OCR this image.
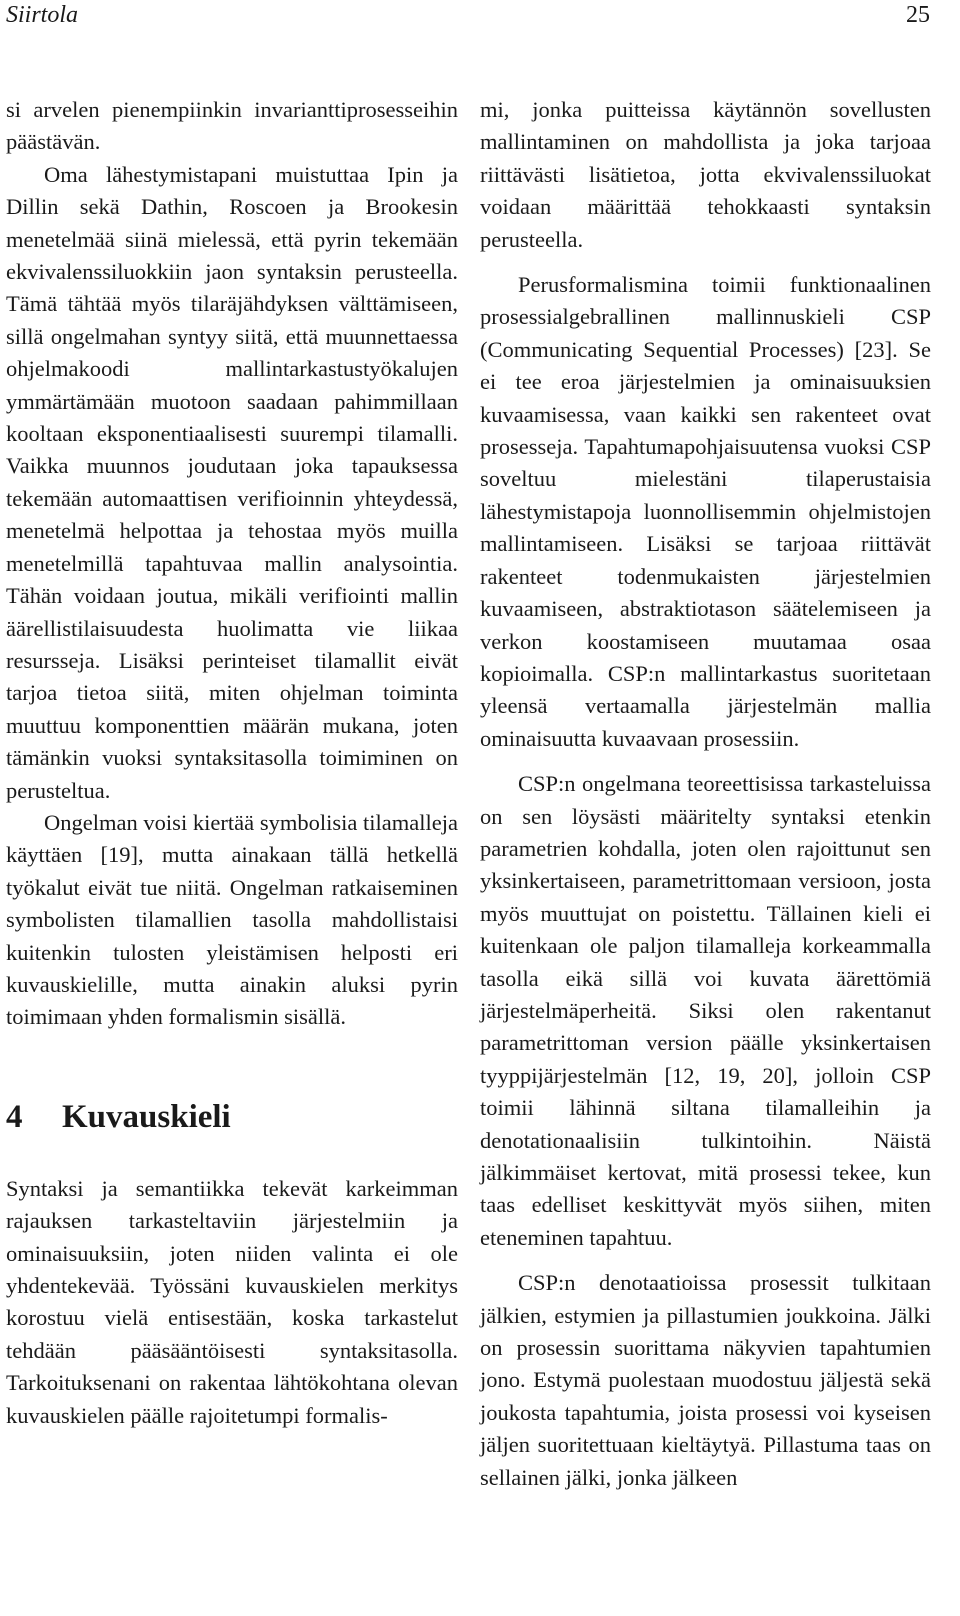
Siirtola	25

si arvelen pienempiinkin invarianttiprosesseihin päästävän.

Oma lähestymistapani muistuttaa Ipin ja Dillin sekä Dathin, Roscoen ja Brookesin menetelmää siinä mielessä, että pyrin tekemään ekvivalenssiluokkiin jaon syntaksin perusteella. Tämä tähtää myös tilaräjähdyksen välttämiseen, sillä ongelmahan syntyy siitä, että muunnettaessa ohjelmakoodi mallintarkastustyökalujen ymmärtämään muotoon saadaan pahimmillaan kooltaan eksponentiaalisesti suurempi tilamalli. Vaikka muunnos joudutaan joka tapauksessa tekemään automaattisen verifioinnin yhteydessä, menetelmä helpottaa ja tehostaa myös muilla menetelmillä tapahtuvaa mallin analysointia. Tähän voidaan joutua, mikäli verifiointi mallin äärellistilaisuudesta huolimatta vie liikaa resursseja. Lisäksi perinteiset tilamallit eivät tarjoa tietoa siitä, miten ohjelman toiminta muuttuu komponenttien määrän mukana, joten tämänkin vuoksi syntaksitasolla toimiminen on perusteltua.

Ongelman voisi kiertää symbolisia tilamalleja käyttäen [19], mutta ainakaan tällä hetkellä työkalut eivät tue niitä. Ongelman ratkaiseminen symbolisten tilamallien tasolla mahdollistaisi kuitenkin tulosten yleistämisen helposti eri kuvauskielille, mutta ainakin aluksi pyrin toimimaan yhden formalismin sisällä.

4 Kuvauskieli

Syntaksi ja semantiikka tekevät karkeimman rajauksen tarkasteltaviin järjestelmiin ja ominaisuuksiin, joten niiden valinta ei ole yhdentekevää. Työssäni kuvauskielen merkitys korostuu vielä entisestään, koska tarkastelut tehdään pääsääntöisesti syntaksitasolla. Tarkoituksenani on rakentaa lähtökohtana olevan kuvauskielen päälle rajoitetumpi formalis-

mi, jonka puitteissa käytännön sovellusten mallintaminen on mahdollista ja joka tarjoaa riittävästi lisätietoa, jotta ekvivalenssiluokat voidaan määrittää tehokkaasti syntaksin perusteella.

Perusformalismina toimii funktionaalinen prosessialgebrallinen mallinnuskieli CSP (Communicating Sequential Processes) [23]. Se ei tee eroa järjestelmien ja ominaisuuksien kuvaamisessa, vaan kaikki sen rakenteet ovat prosesseja. Tapahtumapohjaisuutensa vuoksi CSP soveltuu mielestäni tilaperustaisia lähestymistapoja luonnollisemmin ohjelmistojen mallintamiseen. Lisäksi se tarjoaa riittävät rakenteet todenmukaisten järjestelmien kuvaamiseen, abstraktiotason säätelemiseen ja verkon koostamiseen muutamaa osaa kopioimalla. CSP:n mallintarkastus suoritetaan yleensä vertaamalla järjestelmän mallia ominaisuutta kuvaavaan prosessiin.

CSP:n ongelmana teoreettisissa tarkasteluissa on sen löysästi määritelty syntaksi etenkin parametrien kohdalla, joten olen rajoittunut sen yksinkertaiseen, parametrittomaan versioon, josta myös muuttujat on poistettu. Tällainen kieli ei kuitenkaan ole paljon tilamalleja korkeammalla tasolla eikä sillä voi kuvata äärettömiä järjestelmäperheitä. Siksi olen rakentanut parametrittoman version päälle yksinkertaisen tyyppijärjestelmän [12, 19, 20], jolloin CSP toimii lähinnä siltana tilamalleihin ja denotationaalisiin tulkintoihin. Näistä jälkimmäiset kertovat, mitä prosessi tekee, kun taas edelliset keskittyvät myös siihen, miten eteneminen tapahtuu.

CSP:n denotaatioissa prosessit tulkitaan jälkien, estymien ja pillastumien joukkoina. Jälki on prosessin suorittama näkyvien tapahtumien jono. Estymä puolestaan muodostuu jäljestä sekä joukosta tapahtumia, joista prosessi voi kyseisen jäljen suoritettuaan kieltäytyä. Pillastuma taas on sellainen jälki, jonka jälkeen
